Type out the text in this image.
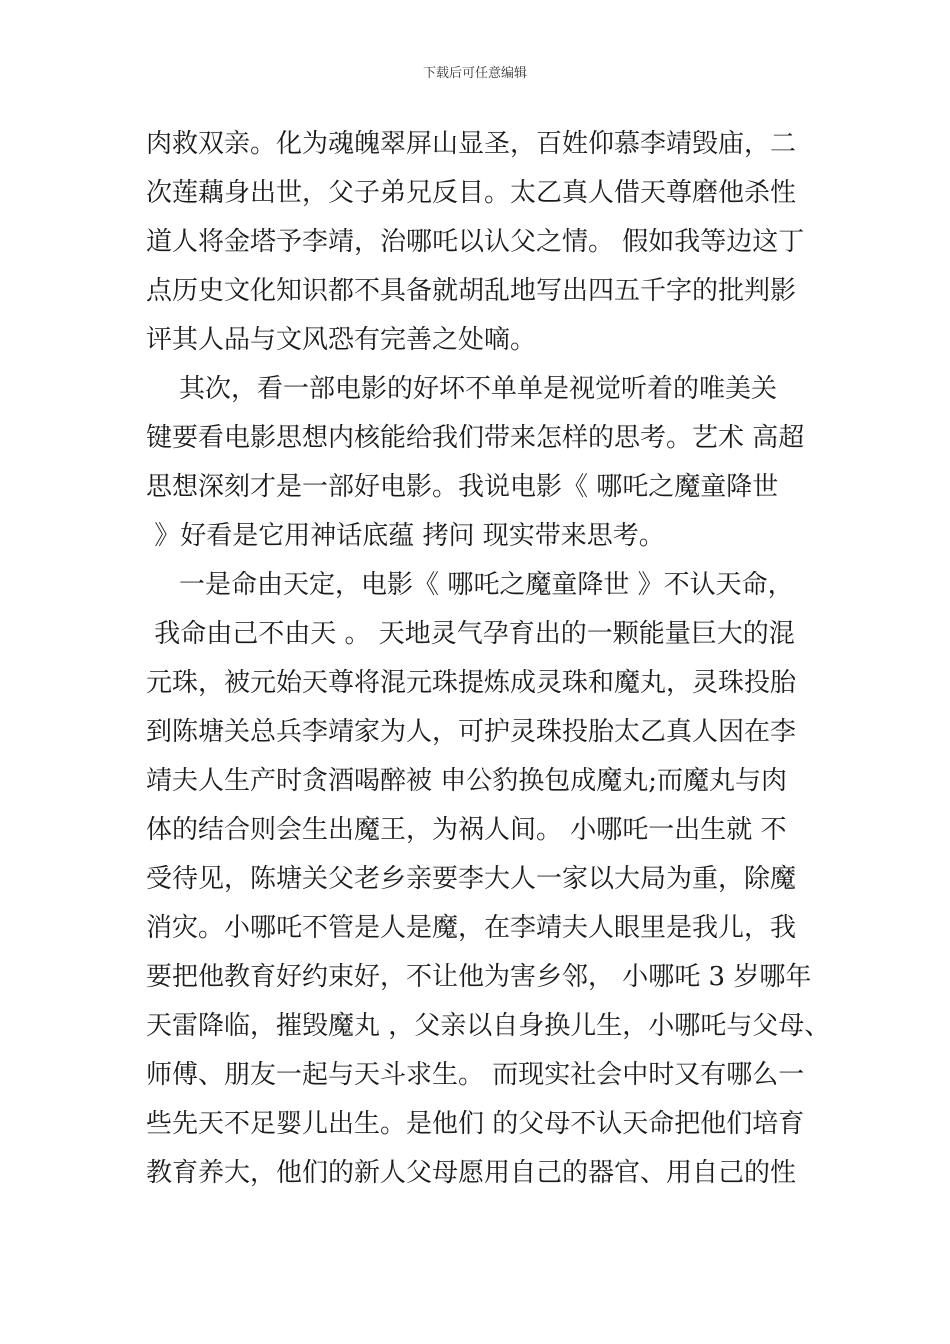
下载后可任意编辑
肉救双亲。化为魂魄翠屏山显圣，百姓仰慕李靖毁庙，二
次莲藕身出世，父子弟兄反目。太乙真人借天尊磨他杀性
道人将金塔予李靖，治哪吒以认父之情。 假如我等边这丁
点历史文化知识都不具备就胡乱地写出四五千字的批判影
评其人品与文风恐有完善之处嘀。
其次，看一部电影的好坏不单单是视觉听着的唯美关
键要看电影思想内核能给我们带来怎样的思考。艺术 高超
思想深刻才是一部好电影。我说电影《 哪吒之魔童降世
》好看是它用神话底蕴 拷问 现实带来思考。
一是命由天定，电影《 哪吒之魔童降世 》不认天命，
我命由己不由天 。 天地灵气孕育出的一颗能量巨大的混
元珠，被元始天尊将混元珠提炼成灵珠和魔丸，灵珠投胎
到陈塘关总兵李靖家为人，可护灵珠投胎太乙真人因在李
靖夫人生产时贪酒喝醉被 申公豹换包成魔丸;而魔丸与肉
体的结合则会生出魔王，为祸人间。 小哪吒一出生就 不
受待见，陈塘关父老乡亲要李大人一家以大局为重，除魔
消灾。小哪吒不管是人是魔，在李靖夫人眼里是我儿，我
要把他教育好约束好，不让他为害乡邻， 小哪吒 3 岁哪年
天雷降临，摧毁魔丸 ，父亲以自身换儿生，小哪吒与父母、
师傅、朋友一起与天斗求生。 而现实社会中时又有哪么一
些先天不足婴儿出生。是他们 的父母不认天命把他们培育
教育养大，他们的新人父母愿用自己的器官、用自己的性
